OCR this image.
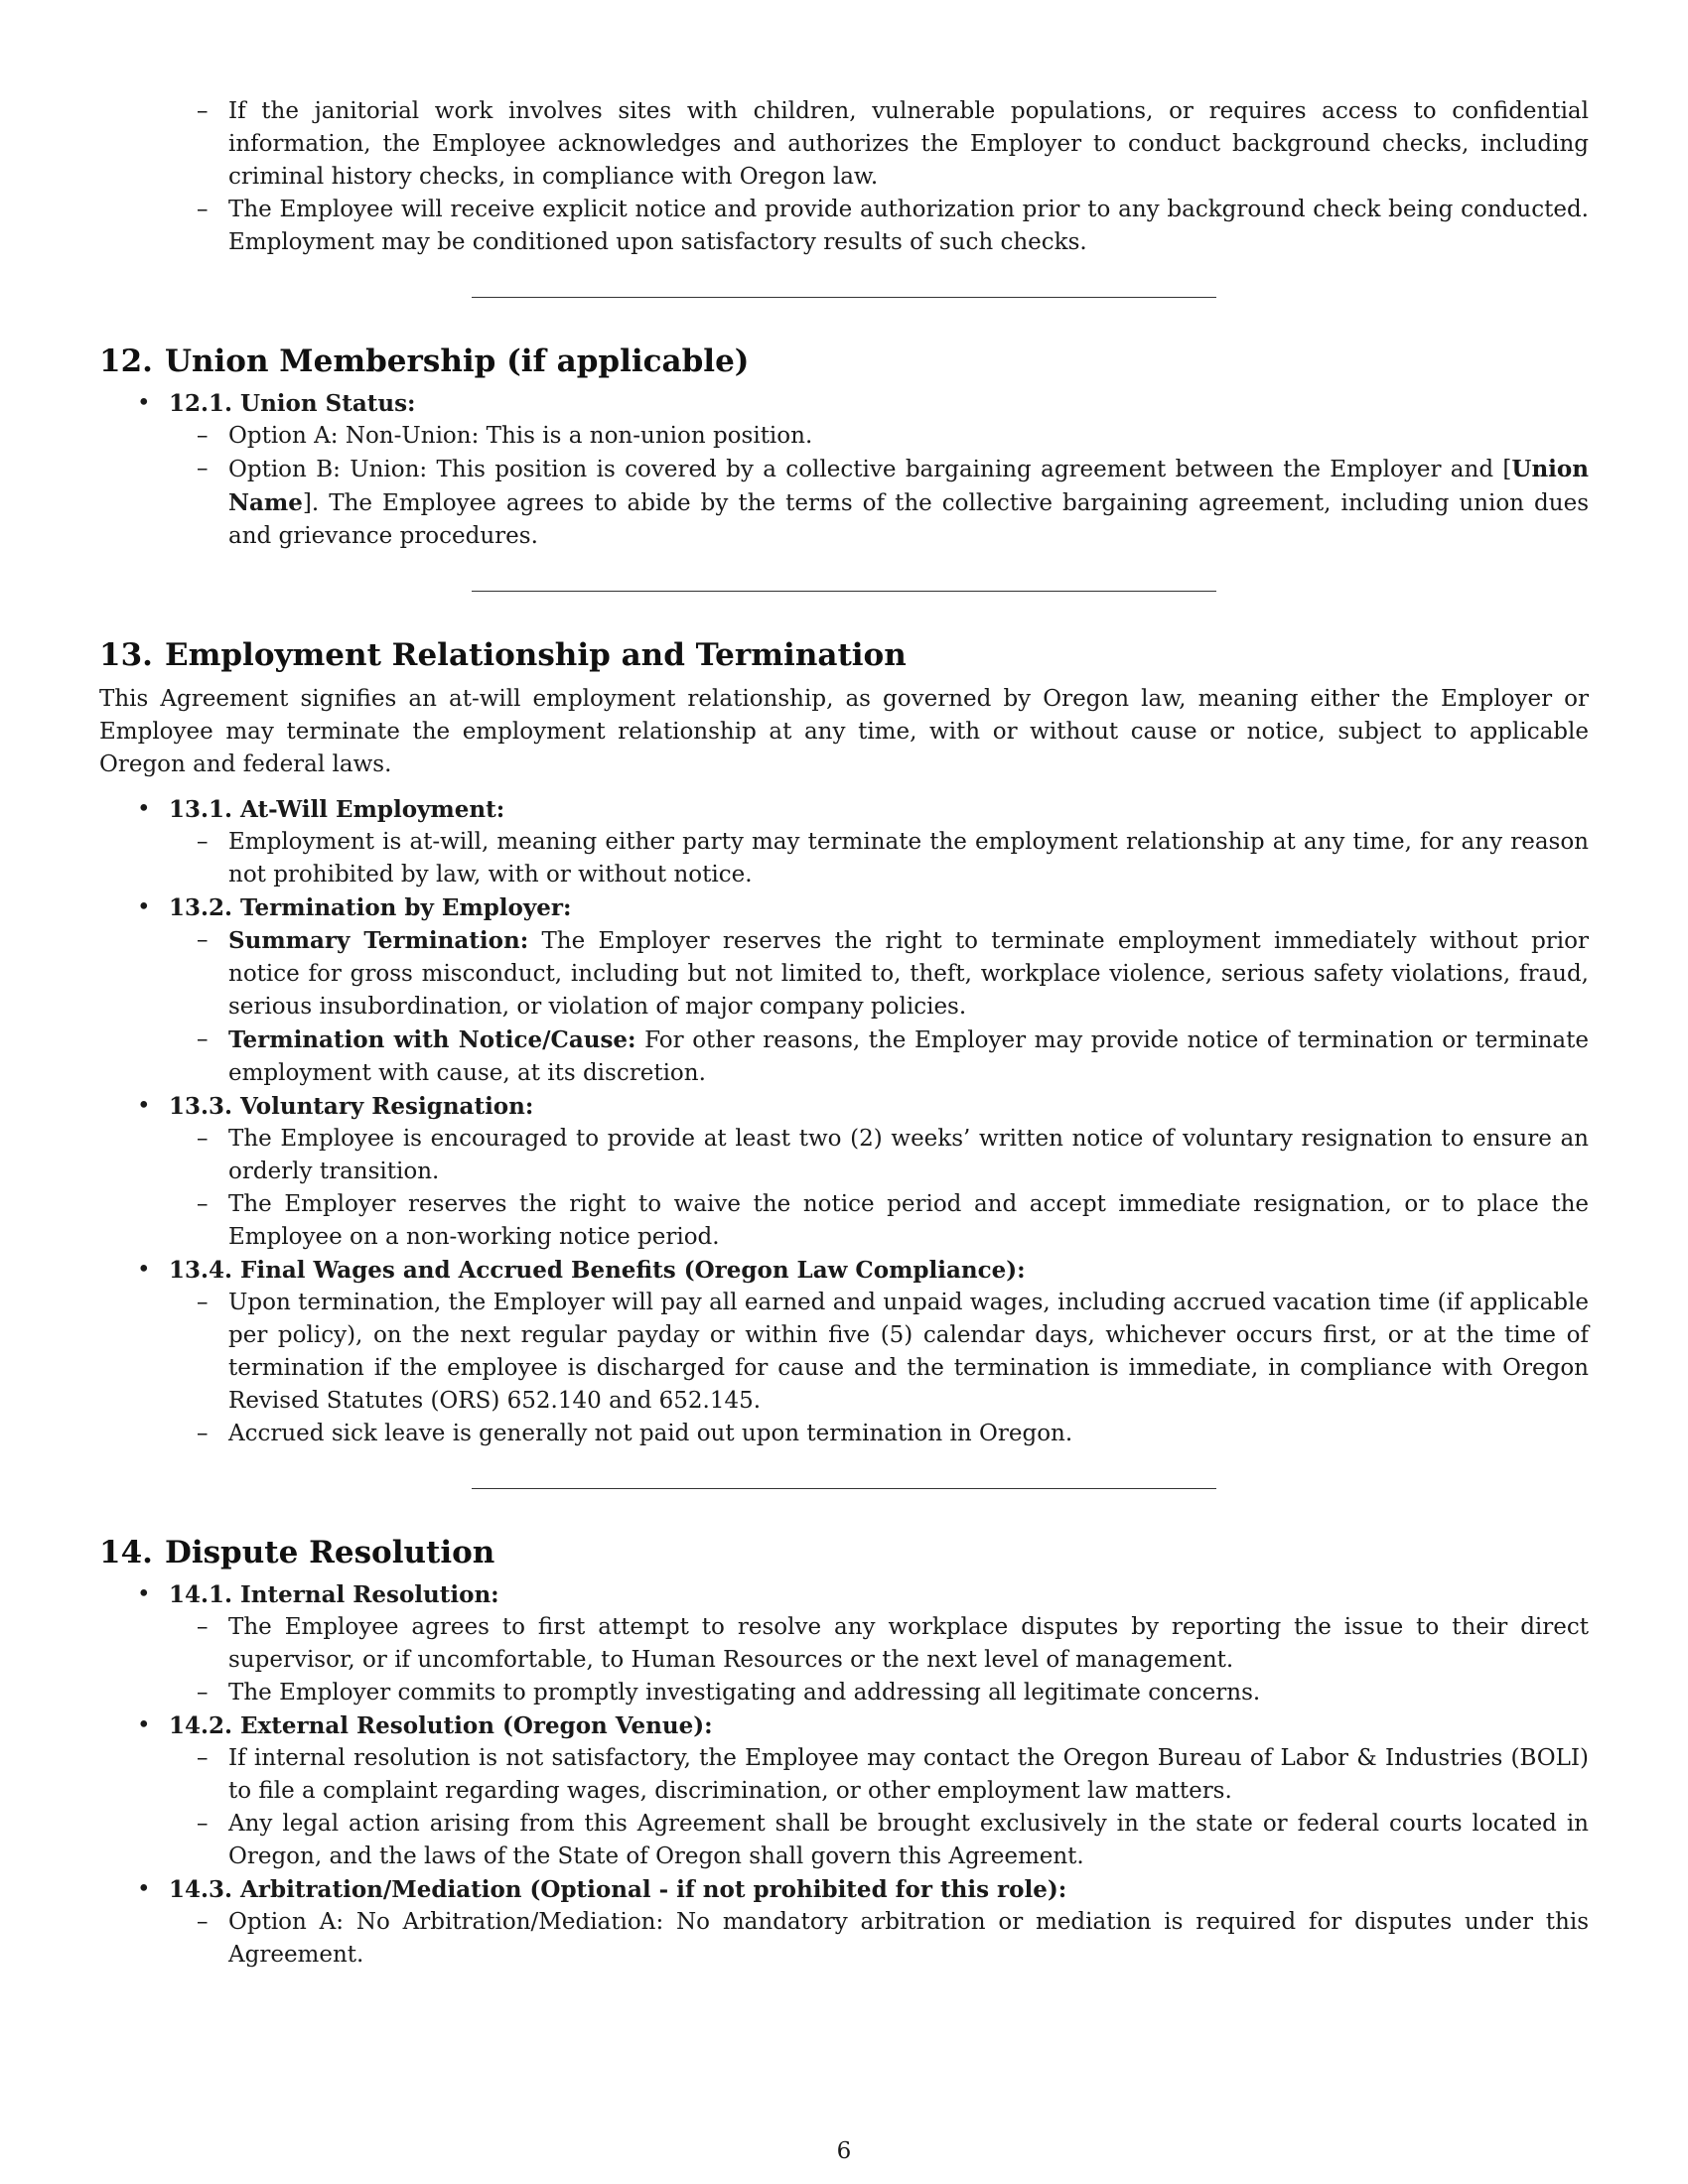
– If the janitorial work involves sites with children, vulnerable populations, or requires access to confidential information, the Employee acknowledges and authorizes the Employer to conduct background checks, including criminal history checks, in compliance with Oregon law.
– The Employee will receive explicit notice and provide authorization prior to any background check being conducted. Employment may be conditioned upon satisfactory results of such checks.
12. Union Membership (if applicable)
• 12.1. Union Status:
– Option A: Non-Union: This is a non-union position.
– Option B: Union: This position is covered by a collective bargaining agreement between the Employer and [Union Name]. The Employee agrees to abide by the terms of the collective bargaining agreement, including union dues and grievance procedures.
13. Employment Relationship and Termination

This Agreement signifies an at-will employment relationship, as governed by Oregon law, meaning either the Employer or Employee may terminate the employment relationship at any time, with or without cause or notice, subject to applicable Oregon and federal laws.

• 13.1. At-Will Employment:
– Employment is at-will, meaning either party may terminate the employment relationship at any time, for any reason not prohibited by law, with or without notice.
• 13.2. Termination by Employer:
– Summary Termination: The Employer reserves the right to terminate employment immediately without prior notice for gross misconduct, including but not limited to, theft, workplace violence, serious safety violations, fraud, serious insubordination, or violation of major company policies.
– Termination with Notice/Cause: For other reasons, the Employer may provide notice of termination or terminate employment with cause, at its discretion.
• 13.3. Voluntary Resignation:
– The Employee is encouraged to provide at least two (2) weeks’ written notice of voluntary resignation to ensure an orderly transition.
– The Employer reserves the right to waive the notice period and accept immediate resignation, or to place the Employee on a non-working notice period.
• 13.4. Final Wages and Accrued Benefits (Oregon Law Compliance):
– Upon termination, the Employer will pay all earned and unpaid wages, including accrued vacation time (if applicable per policy), on the next regular payday or within five (5) calendar days, whichever occurs first, or at the time of termination if the employee is discharged for cause and the termination is immediate, in compliance with Oregon Revised Statutes (ORS) 652.140 and 652.145.
– Accrued sick leave is generally not paid out upon termination in Oregon.
14. Dispute Resolution
• 14.1. Internal Resolution:
– The Employee agrees to first attempt to resolve any workplace disputes by reporting the issue to their direct supervisor, or if uncomfortable, to Human Resources or the next level of management.
– The Employer commits to promptly investigating and addressing all legitimate concerns.
• 14.2. External Resolution (Oregon Venue):
– If internal resolution is not satisfactory, the Employee may contact the Oregon Bureau of Labor & Industries (BOLI) to file a complaint regarding wages, discrimination, or other employment law matters.
– Any legal action arising from this Agreement shall be brought exclusively in the state or federal courts located in Oregon, and the laws of the State of Oregon shall govern this Agreement.
• 14.3. Arbitration/Mediation (Optional - if not prohibited for this role):
– Option A: No Arbitration/Mediation: No mandatory arbitration or mediation is required for disputes under this Agreement.
6
